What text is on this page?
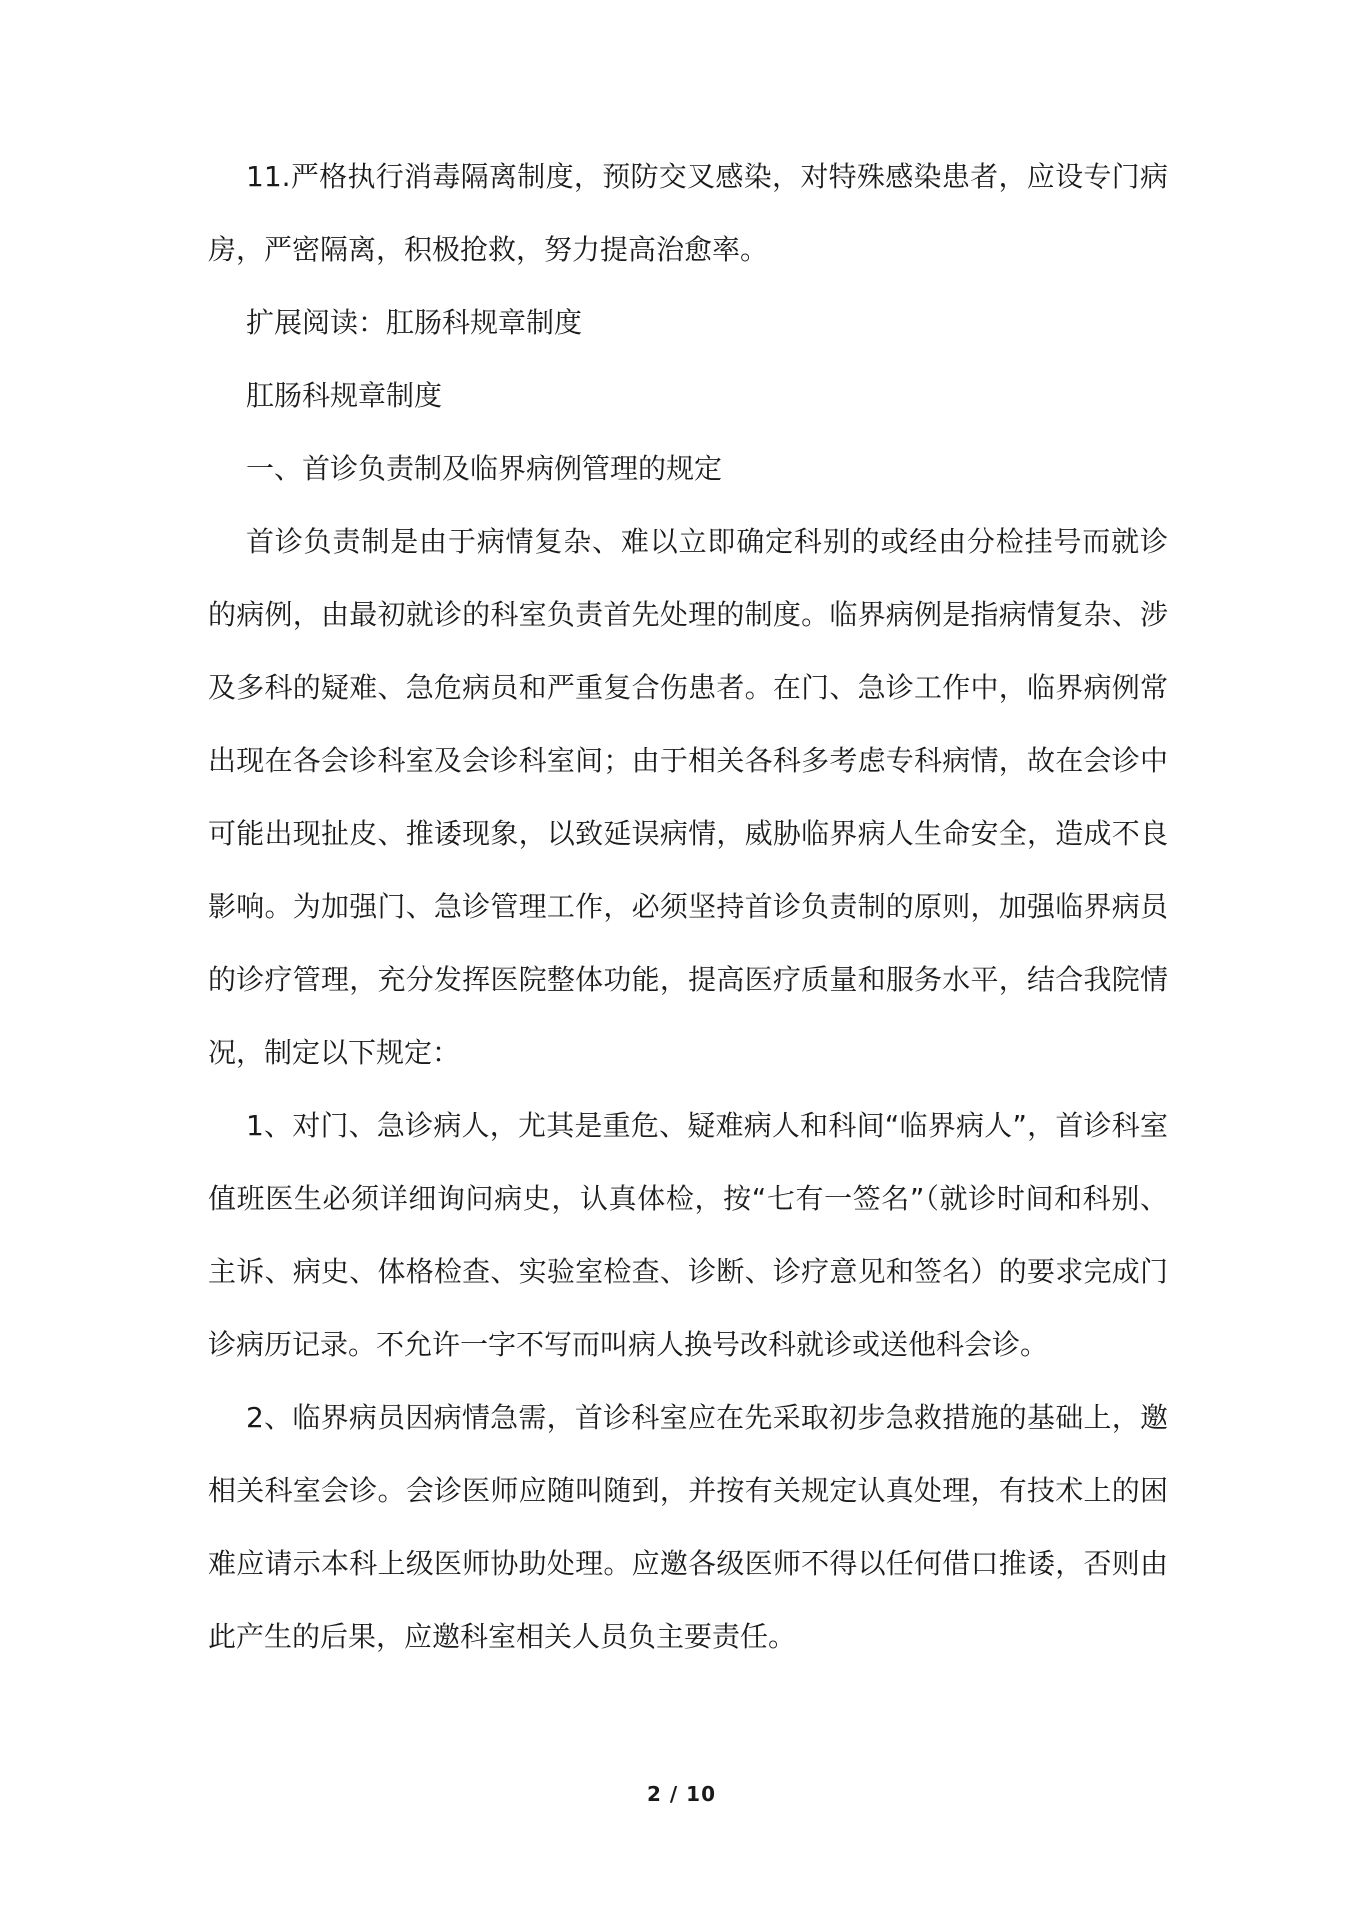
11.严格执行消毒隔离制度，预防交叉感染，对特殊感染患者，应设专门病房，严密隔离，积极抢救，努力提高治愈率。

扩展阅读：肛肠科规章制度

肛肠科规章制度

一、首诊负责制及临界病例管理的规定

首诊负责制是由于病情复杂、难以立即确定科别的或经由分检挂号而就诊的病例，由最初就诊的科室负责首先处理的制度。临界病例是指病情复杂、涉及多科的疑难、急危病员和严重复合伤患者。在门、急诊工作中，临界病例常出现在各会诊科室及会诊科室间；由于相关各科多考虑专科病情，故在会诊中可能出现扯皮、推诿现象，以致延误病情，威胁临界病人生命安全，造成不良影响。为加强门、急诊管理工作，必须坚持首诊负责制的原则，加强临界病员的诊疗管理，充分发挥医院整体功能，提高医疗质量和服务水平，结合我院情况，制定以下规定：

1、对门、急诊病人，尤其是重危、疑难病人和科间“临界病人”，首诊科室值班医生必须详细询问病史，认真体检，按“七有一签名”（就诊时间和科别、主诉、病史、体格检查、实验室检查、诊断、诊疗意见和签名）的要求完成门诊病历记录。不允许一字不写而叫病人换号改科就诊或送他科会诊。

2、临界病员因病情急需，首诊科室应在先采取初步急救措施的基础上，邀相关科室会诊。会诊医师应随叫随到，并按有关规定认真处理，有技术上的困难应请示本科上级医师协助处理。应邀各级医师不得以任何借口推诿，否则由此产生的后果，应邀科室相关人员负主要责任。

2 / 10
